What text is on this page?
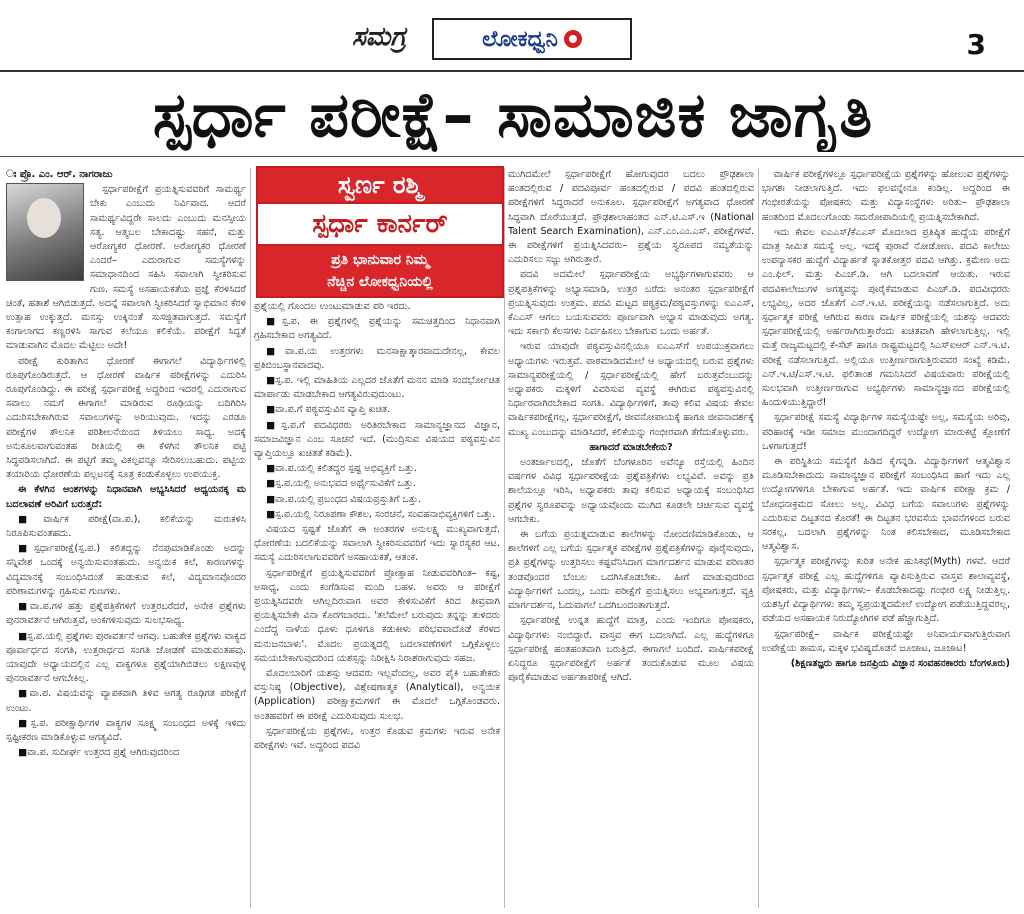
ಸಮಗ್ರ	ಲೋಕಧ್ವನಿ	3
ಸ್ಪರ್ಧಾ ಪರೀಕ್ಷೆ– ಸಾಮಾಜಿಕ ಜಾಗೃತಿ

ಃ ಪ್ರೊ. ಎಂ. ಆರ್. ನಾಗರಾಜು

ಸ್ಪರ್ಧಾಪರೀಕ್ಷೆಗೆ ಪ್ರಯತ್ನಿಸುವವರಿಗೆ ಸಾಮರ್ಥ್ಯ ಬೇಕು ಎಂಬುದು ನಿರ್ವಿವಾದ. ಆದರೆ ಸಾಮರ್ಥ್ಯವಿದ್ದರೇ ಸಾಲದು ಎಂಬುದು ಮನಸ್ಸೀಯ ಸತ್ಯ. ಆತ್ಮಬಲ ಬೇಕಾದಷ್ಟು ಸಹನೆ, ಮತ್ತು ಆರೋಗ್ಯಕರ ಧೋರಣೆ. ಅರೋಗ್ಯಕರ ಧೋರಣೆ ಎಂದರೆ– ಎದುರಾಗುವ ಸಮಸ್ಯೆಗಳನ್ನು ಸಮಾಧಾನದಿಂದ ಸಹಿಸಿ ಸವಾಲಾಗಿ ಸ್ವೀಕರಿಸುವ ಗುಣ. ಸಮಸ್ಯೆ ಅಸಹಾಯಕತೆಯ ಪ್ರಜ್ಞೆ ಕೆರಳಿಸಿದರೆ ಚಿಂತೆ, ಹತಾಶೆ ಆಗಿಬಿಡುತ್ತದೆ. ಅದನ್ನೆ ಸವಾಲಾಗಿ ಸ್ವೀಕರಿಸಿದರೆ ಸ್ವಾಭಿಮಾನ ಕೆರಳಿ ಉತ್ಸಾಹ ಉಕ್ಕುತ್ತದೆ. ಮನಸ್ಸು ಉಕ್ಕಿನಂತೆ ಸುಸಜ್ಜಿತವಾಗುತ್ತದೆ. ಸಮಸ್ಯೆಗೆ ಕಂಗಾಲಾಗದ ಕಣ್ಣರಳಿಸಿ ಸಾಗುವ ಕಲೆಯೂ ಕಲಿಕೆಯೆ. ಪರೀಕ್ಷೆಗೆ ಸಿದ್ಧತೆ ಮಾಡುವಾಗಿನ ಮೊದಲ ಮೆಟ್ಟಿಲು ಅದೇ!

ಪರೀಕ್ಷೆ ಕುರಿತಾಗಿನ ಧೋರಣೆ ಈಗಾಗಲೆ ವಿದ್ಯಾರ್ಥಿಗಳಲ್ಲಿ ರೂಪುಗೊಂಡಿರುತ್ತದೆ. ಆ ಧೋರಣೆ ವಾರ್ಷಿಕ ಪರೀಕ್ಷೆಗಳನ್ನು ಎದುರಿಸಿ ರೂಪುಗೊಂಡಿದ್ದು. ಈ ಪರೀಕ್ಷೆ ಸ್ಪರ್ಧಾಪರೀಕ್ಷೆ ಅದ್ದರಿಂದ ಇದರಲ್ಲಿ ಎದುರಾಗುವ ಸವಾಲು ನಮಗೆ ಈಗಾಗಲೆ ಮಾಡಿರುವ ರೂಢಿಯನ್ನು ಬದಿಗಿರಿಸಿ ಎದುರಿಸಬೇಕಾಗಿರುವ ಸವಾಲುಗಳನ್ನು ಅರಿಯುವುದು. ಇದನ್ನು ಎರಡೂ ಪರೀಕ್ಷೆಗಳ ತೌಲನಿಕ ಪರಿಶೀಲನೆಯಿಂದ ತಿಳಿಯಲು ಸಾಧ್ಯ. ಅದಕ್ಕೆ ಅನುಕೂಲವಾಗುವಂತಹ ರೀತಿಯಲ್ಲಿ ಈ ಕೆಳಗಿನ ತೌಲನಿಕ ಪಟ್ಟಿ ಸಿದ್ಧಪಡಿಸಲಾಗಿದೆ. ಈ ಪಟ್ಟಿಗೆ ತಮ್ಮ ವಿಕಲ್ಪವನ್ನೂ ಸೇರಿಸಲುಬಹುದು. ಪಟ್ಟಿಯ ತಯಾರಿಯ ಧೋರಣೆಯ ಪಲ್ಲಟನಕ್ಕೆ ಸೂತ್ರ ಕಂಡುಕೊಳ್ಳಲು ಉಪಯುಕ್ತ.

ಈ ಕೆಳಗಿನ ಅಂಶಗಳನ್ನು ನಿಧಾನವಾಗಿ ಅಭ್ಯಸಿಸಿದರೆ ಅಧ್ಯಯನಕ್ಕ ಮ ಬದಲಾವಣೆ ಅರಿವಿಗೆ ಬರುತ್ತದೆ:

■ವಾರ್ಷಿಕ ಪರೀಕ್ಷೆ(ವಾ.ಪ.), ಕಲಿಕೆಯನ್ನು ಮರುಕಳಿಸಿ ನಿರೂಪಿಸುವಂತಹದು.

■ಸ್ಪರ್ಧಾಪರೀಕ್ಷೆ(ಸ್ಪ.ಪ.) ಕಲಿತದ್ದನ್ನು ನೆನಪುಮಾಡಿಕೊಂಡು ಅದನ್ನು ಸನ್ನಿವೇಶ ಒಂದಕ್ಕೆ ಅನ್ವಯಿಸುವಂತಹುದು. ಅನ್ವಯಿಕ ಕಲೆ, ಕಾರಣಗಳನ್ನು ವಿದ್ಯಮಾನಕ್ಕೆ ಸಂಬಂಧಿಸಿದಂತೆ ಹುಡುಕುವ ಕಲೆ, ವಿದ್ಯಮಾನವೊಂದರ ಪರಿಣಾಮಗಳನ್ನು ಗ್ರಹಿಸುವ ಗುಣಗಳು.

■ವಾ.ಪ.ಗಳ ಹತ್ತು ಪ್ರಶ್ನೆಪತ್ರಿಕೆಗಳಿಗೆ ಉತ್ತರಬರೆದರೆ, ಅನೇಕ ಪ್ರಶ್ನೆಗಳು ಪುನರಾವರ್ತನೆ ಆಗಿರುತ್ತವೆ, ಅಂಕಗಳಿಸುವುದು ಸುಲಭಸಾಧ್ಯ.

■ಸ್ಪ.ಪ.ಯಲ್ಲಿ ಪ್ರಶ್ನೆಗಳು ಪುರಾವರ್ತನೆ ಆಗವು. ಬಹುತೇಕ ಪ್ರಶ್ನೆಗಳು ವಾಕ್ಯದ ಪೂರ್ವಾರ್ಧದ ಸಂಗತಿ, ಉತ್ತರಾರ್ಧದ ಸಂಗತಿ ಜೋಡಣೆ ಮಾಡುವಂತಹವು. ಯಾವುದೇ ಅಧ್ಯಾಯದಲ್ಲಿನ ಎಲ್ಲ ವಾಕ್ಯಗಳೂ ಪ್ರಶ್ನೆಯಾಗಿಬಿಡಲು ಲಕ್ಷಣವುಳ್ಳ ಪುನರಾವರ್ತನೆ ಆಗಬೇಕಿಲ್ಲ.

■ವಾ.ಪ. ವಿಷಯವನ್ನು ವ್ಯಾಪಕವಾಗಿ ತಿಳಿವ ಆಗತ್ಯ ರೂಢಿಗತ ಪರೀಕ್ಷೆಗೆ ಉಂಟು.

■ಸ್ಪ.ಪ. ಪರೀಕ್ಷಾರ್ಥಿಗಳ ವಾಕ್ಯಗಳ ಸೂಕ್ಷ್ಮ ಸಂಬಂಧದ ಅಳಕ್ಕೆ ಇಳಿದು ಸ್ಪಷ್ಟೀಕರಣ ಮಾಡಿಕೊಳ್ಳುವ ಆಗತ್ಯವಿದೆ.

■ವಾ.ಪ. ಸುದೀರ್ಘ ಉತ್ತರದ ಪ್ರಶ್ನೆ ಆಗಿರುವುದರಿಂದ

ಸ್ವರ್ಣ ರಶ್ಮಿ
ಸ್ಪರ್ಧಾ ಕಾರ್ನರ್
ಪ್ರತಿ ಭಾನುವಾರ ನಿಮ್ಮ
ನೆಚ್ಚಿನ ಲೋಕಧ್ವನಿಯಲ್ಲಿ

ಪ್ರಶ್ನೆಯಲ್ಲಿ ಗೊಂದಲ ಉಂಟುಮಾಡುವ ಪರಿ ಇರದು.

■ಸ್ಪ.ಪ. ಈ ಪ್ರಶ್ನೆಗಳಲ್ಲಿ ಪ್ರಶ್ನೆಯನ್ನು ಸಮಚಿತ್ತದಿಂದ ನಿಧಾನವಾಗಿ ಗ್ರಹಿಸಬೇಕಾದ ಅಗತ್ಯವಿದೆ.

■ವಾ.ಪ.ಯ ಉತ್ತರಗಳು ಮನಸಾಕ್ಷಾತ್ಕಾರವಾದುದೇನಲ್ಲ, ಕೇವಲ ಪ್ರತಿಬಿಂಬಸ್ಥಾನವಾದವು.

■ಸ್ಪ.ಪ. ಇಲ್ಲಿ ಮಾಹಿತಿಯ ಎಲ್ಲದರ ಜೊತೆಗೆ ಮನನ ಮಾಡಿ ಸಂದರ್ಭೋಚಿತ ಮಾರ್ಪಾಡು ಮಾಡಬೇಕಾದ ಆಗತ್ಯವಿರುವುದುಂಟು.

■ವಾ.ಪ.ಗೆ ಪಠ್ಯವಸ್ತುವಿನ ವ್ಯಾಪ್ತಿ ಖಚಿತ.

■ಸ್ಪ.ಪ.ಗೆ ಪದವಿಧರರು ಅರಿತಿರಬೇಕಾದ ಸಾಮಾನ್ಯಜ್ಞಾನದ ವಿಜ್ಞಾನ, ಸಮಾಜವಿಜ್ಞಾನ ಎಂಬ ಸೂಚನೆ ಇದೆ. (ಮುದ್ರಿಸುವ ವಿಷಯದ ಪಠ್ಯವಸ್ತುವಿನ ವ್ಯಾಪ್ತಿಯಲ್ಲೂ ಖಚಿತತೆ ಕಡಿಮೆ).

■ವಾ.ಪ.ಯಲ್ಲಿ ಕಲಿತದ್ದರ ಸ್ಪಷ್ಟ ಅಭಿವ್ಯಕ್ತಿಗೆ ಒತ್ತು.

■ಸ್ಪ.ಪ.ಯಲ್ಲಿ ಅನುಭವದ ಅರ್ಥೈಸುವಿಕೆಗೆ ಒತ್ತು.

■ವಾ.ಪ.ಯಲ್ಲಿ ಪ್ರಬಂಧದ ವಿಷಯಪ್ರಸ್ತುತಿಗೆ ಒತ್ತು.

■ಸ್ಪ.ಪ.ಯಲ್ಲಿ ನಿರೂಪಣಾ ಕೌಶಲ, ಸಂರಚನೆ, ಸಂವಹನಾಭಿವ್ಯಕ್ತಿಗಳಿಗೆ ಒತ್ತು.

ವಿಷಯದ ಸ್ಪಷ್ಟತೆ ಜೊತೆಗೆ ಈ ಅಂತರಗಳ ಅನುಲಕ್ಷ್ಯ ಮುಖ್ಯವಾಗುತ್ತದೆ. ಧೋರಣೆಯ ಬದಲಿಕೆಯನ್ನು ಸವಾಲಾಗಿ ಸ್ವೀಕರಿಸುವವರಿಗೆ ಇದು ಸ್ವಾರಸ್ಯಕರ ಆಟ. ಸಮಸ್ಯೆ ಎದುರಿಸಲಾಗುವವರಿಗೆ ಅಸಹಾಯಕತೆ, ಆತಂಕ.

ಸ್ಪರ್ಧಾಪರೀಕ್ಷೆಗೆ ಪ್ರಯತ್ನಿಸುವವರಿಗೆ ಪ್ರೋತ್ಸಾಹ ನೀಡುವವರಿಗಿಂತ– ಕಷ್ಟ, ಅಸಾಧ್ಯ, ಎಂದು ಕಂಗೆಡಿಸುವ ಮಂದಿ ಬಹಳ. ಅವರು ಆ ಪರೀಕ್ಷೆಗೆ ಪ್ರಯತ್ನಿಸಿದವರೇ ಆಗಿಲ್ಲದಿರುವಾಗ ಅವರ ಕೇಳಿಸುವಿಕೆಗೆ ಕಿರಿದ ತೀವ್ರವಾಗಿ ಪ್ರಯತ್ನಿಸಬೇಕೇ ವಿನಾ ಕೊರಗಬಾರದು. 'ತಲೆಮೇಲೆ ಬರುವುದು ತನ್ನನ್ನು ತುಳಿದರು ಎಂದೆದ್ದ ನಾಳೆಯ ಧೂಳು ಧೂಳಿಗೂ ಕಡುಕೀಳು ಪರಿಭವವಾದೊಡೆ ಕೆರಳದ ಮನುಜನಬಾಳು'. ಮೊದಲ ಪ್ರಯತ್ನದಲ್ಲಿ ಬದಲಾವಣೆಗಳಿಗೆ ಒಗ್ಗಿಕೊಳ್ಳಲು ಸಮಯಬೇಕಾಗುವುದರಿಂದ ಯಶಸ್ಸನ್ನು ನಿರೀಕ್ಷಿಸಿ ನಿರಾಶರಾಗುವುದು ಸಹಜ.

ಮೊದಲಬಾರಿಗೆ ಯಶಸ್ಸು ಆದವರು ಇಲ್ಲವೆಂದಲ್ಲ, ಅವರ ಪೈಕಿ ಬಹುತೇಕರು ವಸ್ತುನಿಷ್ಠ (Objective), ವಿಶ್ಲೇಷಣಾತ್ಮಕ (Analytical), ಅನ್ವಯಿಕ (Application) ಪರೀಕ್ಷಾಕ್ರಮಗಳಿಗೆ ಈ ಮೊದಲೆ ಒಗ್ಗಿಕೊಂಡವರು. ಅಂತಹವರಿಗೆ ಈ ಪರೀಕ್ಷೆ ಎದುರಿಸುವುದು ಸುಲಭ.

ಸ್ಪರ್ಧಾಪರೀಕ್ಷೆಯ ಪ್ರಶ್ನೆಗಳು, ಉತ್ತರ ಕೊಡುವ ಕ್ರಮಗಳು ಇರುವ ಅನೇಕ ಪರೀಕ್ಷೆಗಳು ಇವೆ. ಅದ್ದರಿಂದ ಪದವಿ

ಮುಗಿದಮೇಲೆ ಸ್ಪರ್ಧಾಪರೀಕ್ಷೆಗೆ ಹೋಗುವುದರ ಬದಲು ಪ್ರೌಢಶಾಲಾ ಹಂತದಲ್ಲಿರುವ / ಪದವಿಪೂರ್ವ ಹಂತದಲ್ಲಿರುವ / ಪದವಿ ಹಂತದಲ್ಲಿರುವ ಪರೀಕ್ಷೆಗಳಿಗೆ ಸಿದ್ಧರಾದರೆ ಅನುಕೂಲ. ಸ್ಪರ್ಧಾಪರೀಕ್ಷೆಗೆ ಅಗತ್ಯವಾದ ಧೋರಣೆ ಸಿದ್ಧವಾಗಿ ದೊರೆಯುತ್ತದೆ. ಪ್ರೌಢಶಾಲಾಹಂತದ ಎನ್.ಟಿ.ಎಸ್.ಇ (National Talent Search Examination), ಎನ್.ಎಂ.ಎಂ.ಎಸ್. ಪರೀಕ್ಷೆಗಳವೆ. ಈ ಪರೀಕ್ಷೆಗಳಿಗೆ ಪ್ರಯತ್ನಿಸಿದವರು– ಪ್ರಶ್ನೆಯ ಸ್ವರೂಪದ ನಮ್ಯತೆಯನ್ನು ಎದುರಿಸಲು ಸಜ್ಜು ಆಗಿರುತ್ತಾರೆ.

ಪದವಿ ಅದಮೇಲೆ ಸ್ಪರ್ಧಾಪರೀಕ್ಷೆಯ ಅಭ್ಯರ್ಥಿಗಳಾಗುವವರು ಆ ಪ್ರಶ್ನಪತ್ರಿಕೆಗಳನ್ನು ಅಭ್ಯಾಸಮಾಡಿ, ಉತ್ತರ ಬರೆದು ಅನಂತರ ಸ್ಪರ್ಧಾಪರೀಕ್ಷೆಗೆ ಪ್ರಯತ್ನಿಸುವುದು ಉತ್ತಮ. ಪದವಿ ಮಟ್ಟದ ಪಠ್ಯಕ್ರಮ/ಪಠ್ಯವಸ್ತುಗಳನ್ನು ಐಎಎಸ್, ಕೆಎಎಸ್ ಆಗಲು ಬಯಸುವವರು ಪೂರ್ಣವಾಗಿ ಅಭ್ಯಾಸ ಮಾಡುವುದು ಅಗತ್ಯ. ಇದು ಸರ್ಕಾರಿ ಕೆಲಸಗಳು ನಿರ್ವಹಿಸಲು ಬೇಕಾಗುವ ಒಂದು ಅರ್ಹತೆ.

ಇರುವ ಯಾವುದೇ ಪಠ್ಯವಸ್ತುವಿನಲ್ಲಿಯೂ ಐಎಎಸ್‌ಗೆ ಉಪಯುಕ್ತವಾಗಲು ಅಧ್ಯಾಯಗಳು ಇರುತ್ತವೆ. ಪಾಠಮಾಡಿದಮೇಲೆ ಆ ಅಧ್ಯಾಯದಲ್ಲಿ ಬರುವ ಪ್ರಶ್ನೆಗಳು ಸಾಮಾನ್ಯಪರೀಕ್ಷೆಯಲ್ಲಿ / ಸ್ಪರ್ಧಾಪರೀಕ್ಷೆಯಲ್ಲಿ ಹೇಗೆ ಬರುತ್ತವೆಂಬುದನ್ನು ಅಧ್ಯಾಪಕರು ಮಕ್ಕಳಿಗೆ ವಿವರಿಸುವ ವ್ಯವಸ್ಥೆ ಈಗಿರುವ ಪಠ್ಯವಸ್ತುವಿನಲ್ಲಿ ನಿರ್ಧಾರವಾಗಿರಬೇಕಾದ ಸಂಗತಿ. ವಿದ್ಯಾರ್ಥಿಗಳಿಗೆ, ತಾವು ಕಲಿವ ವಿಷಯ ಕೇವಲ ವಾರ್ಷಿಕಪರೀಕ್ಷೆಗಲ್ಲ, ಸ್ಪರ್ಧಾಪರೀಕ್ಷೆಗೆ, ಜೀವನೋಪಾಯಕ್ಕೆ ಹಾಗೂ ಜೀವನಾದರ್ಶಕ್ಕೆ ಮುಖ್ಯ ಎಂಬುದನ್ನು ಮಾಡಿಸಿದರೆ, ಕಲಿಕೆಯನ್ನು ಗಂಭೀರವಾಗಿ ತೆಗೆದುಕೊಳ್ಳುವರು.

ಹಾಗಾದರೆ ಮಾಡಬೇಕೇನು?

ಅಂತರ್ಜಾಲದಲ್ಲಿ, ಜೊತೆಗೆ ಬೆಂಗಳೂರಿನ ಅವೆನ್ಯೂ ರಸ್ತೆಯಲ್ಲಿ ಹಿಂದಿನ ವರ್ಷಗಳ ವಿವಿಧ ಸ್ಪರ್ಧಾಪರೀಕ್ಷೆಯ ಪ್ರಶ್ನೆಪತ್ರಿಕೆಗಳು ಲಭ್ಯವಿವೆ. ಅವನ್ನು ಪ್ರತಿ ಶಾಲೆಯಲ್ಲೂ ಇರಿಸಿ, ಅಧ್ಯಾಪಕರು ತಾವು ಕಲಿಸುವ ಅಧ್ಯಾಯಕ್ಕೆ ಸಂಬಂಧಿಸಿದ ಪ್ರಶ್ನೆಗಳ ಸ್ವರೂಪವನ್ನು ಅಧ್ಯಾಯವೊಂದು ಮುಗಿದ ಕೂಡಲೇ ಚರ್ಚಿಸುವ ವ್ಯವಸ್ಥೆ ಆಗಬೇಕು.

ಈ ಬಗೆಯ ಪ್ರಯತ್ನಮಾಡುವ ಶಾಲೆಗಳನ್ನು ನೋಂದಣಿಮಾಡಿಕೊಂಡು, ಆ ಶಾಲೆಗಳಿಗೆ ಎಲ್ಲ ಬಗೆಯ ಸ್ಪರ್ಧಾತ್ಮಕ ಪರೀಕ್ಷೆಗಳ ಪ್ರಶ್ನೆಪತ್ರಿಕೆಗಳನ್ನು ಪೂರೈಸುವುದು, ಪ್ರತಿ ಪ್ರಶ್ನೆಗಳನ್ನು ಉತ್ತರಿಸಲು ಕಷ್ಟವೆನಿಸಿದಾಗ ಮಾರ್ಗದರ್ಶನ ಮಾಡುವ ಪರಿಣತರ ತಂಡವೊಂದರ ಬೆಂಬಲ ಒದಗಿಸಿಕೊಡಬೇಕು. ಹೀಗೆ ಮಾಡುವುದರಿಂದ ವಿದ್ಯಾರ್ಥಿಗಳಿಗೆ ಒಂದಲ್ಲ, ಒಂದು ಪರೀಕ್ಷೆಗೆ ಪ್ರಯತ್ನಿಸಲು ಅಭ್ಯವಾಗುತ್ತದೆ. ವ್ಯಕ್ತಿ ಮಾರ್ಗದರ್ಶನ, ಓದುವಾಗಲೆ ಒದಗಿಬಂದಂತಾಗುತ್ತದೆ.

ಸ್ಪರ್ಧಾಪರೀಕ್ಷೆ ಉನ್ನತ ಹುದ್ದೆಗೆ ಮಾತ್ರ, ಎಂದು ಇಂದಿಗೂ ಪೋಷಕರು, ವಿದ್ಯಾರ್ಥಿಗಳು ನಂಬಿದ್ದಾರೆ. ವಾಸ್ತವ ಈಗ ಬದಲಾಗಿದೆ. ಎಲ್ಲ ಹುದ್ದೆಗಳಿಗೂ ಸ್ಪರ್ಧಾಪರೀಕ್ಷೆ ಹಂತಹಂತವಾಗಿ ಬರುತ್ತಿದೆ. ಈಗಾಗಲೆ ಬಂದಿದೆ. ವಾರ್ಷಿಕಪರೀಕ್ಷೆ ಏನಿದ್ದರೂ ಸ್ಪರ್ಧಾಪರೀಕ್ಷೆಗೆ ಅರ್ಹತೆ ತಂದುಕೊಡುವ ಮೂಲ ವಿಷಯ ಪೂರೈಕೆಮಾಡುವ ಅರ್ಹತಾಪರೀಕ್ಷೆ ಆಗಿದೆ.

ವಾರ್ಷಿಕ ಪರೀಕ್ಷೆಗಳಲ್ಲೂ ಸ್ಪರ್ಧಾಪರೀಕ್ಷೆಯ ಪ್ರಶ್ನೆಗಳನ್ನು ಹೋಲುವ ಪ್ರಶ್ನೆಗಳನ್ನು ಭಾಗಶಃ ನೀಡಲಾಗುತ್ತಿದೆ. ಇದು ಫಲವನ್ನೇನೂ ಕಂಡಿಲ್ಲ. ಅದ್ದರಿಂದ ಈ ಗಂಭೀರತೆಯನ್ನು ಪೋಷಕರು ಮತ್ತು ವಿದ್ಯಾಸಂಸ್ಥೆಗಳು ಅರಿತು– ಪ್ರೌಢಶಾಲಾ ಹಂತದಿಂದ ಮೊದಲುಗೊಂಡು ಸಮರೋಪಾದಿಯಲ್ಲಿ ಪ್ರಯತ್ನಿಸಬೇಕಾಗಿದೆ.

ಇದು ಕೇವಲ ಐಎಎಸ್/ಕೆಎಎಸ್ ಮೊದಲಾದ ಪ್ರತಿಷ್ಠಿತ ಹುದ್ದೆಯ ಪರೀಕ್ಷೆಗೆ ಮಾತ್ರ ಸೀಮಿತ ಸಮಸ್ಯೆ ಅಲ್ಲ. ಇದಕ್ಕೆ ಪುರಾವೆ ನೋಡೋಣ. ಪದವಿ ಕಾಲೇಜು ಉಪನ್ಯಾಸಕರ ಹುದ್ದೆಗೆ ವಿದ್ಯಾರ್ಹತೆ ಸ್ನಾತಕೋತ್ತರ ಪದವಿ ಆಗಿತ್ತು. ಕ್ರಮೇಣ ಅದು ಎಂ.ಫಿಲ್. ಮತ್ತು ಪಿಎಚ್.ಡಿ. ಆಗಿ ಬದಲಾವಣೆ ಆಯಿತು. ಇರುವ ಪದವಿಕಾಲೇಜುಗಳ ಅಗತ್ಯವನ್ನು ಪೂರೈಕೆಮಾಡುವ ಪಿಎಚ್.ಡಿ. ಪದವೀಧರರು ಲಭ್ಯವಿಲ್ಲ, ಅದರ ಜೊತೆಗೆ ಎನ್.ಇ.ಟಿ. ಪರೀಕ್ಷೆಯನ್ನು ನಡೆಸಲಾಗುತ್ತಿದೆ. ಅದು ಸ್ಪರ್ಧಾತ್ಮಕ ಪರೀಕ್ಷೆ ಆಗಿರುವ ಕಾರಣ ವಾರ್ಷಿಕ ಪರೀಕ್ಷೆಯಲ್ಲಿ ಯಶಸ್ಸು ಆದವರು ಸ್ಪರ್ಧಾಪರೀಕ್ಷೆಯಲ್ಲಿ ಅರ್ಹರಾಗಿರುತ್ತಾರೆಂದು ಖಚಿತವಾಗಿ ಹೇಳಲಾಗುತ್ತಿಲ್ಲ. ಇಲ್ಲಿ ಮತ್ತೆ ರಾಜ್ಯಮಟ್ಟದಲ್ಲಿ ಕೆ-ಸೆಟ್ ಹಾಗೂ ರಾಷ್ಟ್ರಮಟ್ಟದಲ್ಲಿ ಸಿಎಸ್‌ಐಆರ್ ಎನ್.ಇ.ಟಿ. ಪರೀಕ್ಷೆ ನಡೆಸಲಾಗುತ್ತಿದೆ. ಅಲ್ಲಿಯೂ ಉತ್ತೀರ್ಣರಾಗುತ್ತಿರುವವರ ಸಂಖ್ಯೆ ಕಡಿಮೆ. ಎನ್.ಇ.ಟಿ/ಎಸ್.ಇ.ಟಿ. ಫಲಿತಾಂಶ ಗಮನಿಸಿದರೆ ವಿಷಯವಾರು ಪರೀಕ್ಷೆಯಲ್ಲಿ ಸುಲಭವಾಗಿ ಉತ್ತೀರ್ಣರಾಗುವ ಅಭ್ಯರ್ಥಿಗಳು ಸಾಮಾನ್ಯಜ್ಞಾನದ ಪರೀಕ್ಷೆಯಲ್ಲಿ ಹಿಂದುಳಿಯುತ್ತಿದ್ದಾರೆ!

ಸ್ಪರ್ಧಾಪರೀಕ್ಷೆ ಸಮಸ್ಯೆ ವಿದ್ಯಾರ್ಥಿಗಳ ಸಮಸ್ಯೆಯಷ್ಟೇ ಅಲ್ಲ, ಸಮಸ್ಯೆಯ ಅರಿವು, ಪರಿಹಾರಕ್ಕೆ ಇಡೀ ಸಮಾಜ ಮುಂದಾಗದಿದ್ದರೆ ಉದ್ಯೋಗ ಮಾರುಕಟ್ಟೆ ಕ್ಲೋಣೆಗೆ ಒಳಗಾಗುತ್ತದೆ!

ಈ ಪರಿಸ್ಥಿತಿಯ ಸಮಸ್ಯೆಗೆ ಹಿಡಿದ ಕೈಗನ್ನಡಿ. ವಿದ್ಯಾರ್ಥಿಗಳಿಗೆ ಆತ್ಮವಿಶ್ವಾಸ ಮೂಡಿಸಬೇಕಾದುದು ಸಾಮಾನ್ಯಜ್ಞಾನ ಪರೀಕ್ಷೆಗೆ ಸಂಬಂಧಿಸಿದ ಹಾಗೆ ಇದು ಎಲ್ಲ ಉದ್ಯೋಗಗಳಿಗೂ ಬೇಕಾಗುವ ಅರ್ಹತೆ. ಇದು ವಾರ್ಷಿಕ ಪರೀಕ್ಷಾ ಕ್ರಮ / ಬೋಧನಾಕ್ರಮದ ಸೋಲು ಅಲ್ಲ. ವಿವಿಧ ಬಗೆಯ ಸವಾಲುಗಳು ಪ್ರಶ್ನೆಗಳನ್ನು ಎದುರಿಸುವ ದಿಟ್ಟತನದ ಕೊರತೆ! ಈ ದಿಟ್ಟತನ ಭರವಸೆಯ ಭಾವನೆಗಳಂದ ಬರುವ ಸರಕಲ್ಲ, ಬದಲಾಗಿ ಪ್ರಶ್ನೆಗಳನ್ನು ನಿಂತ ಕಲಿಸಬೇಕಾದ, ಮೂಡಿಸಬೇಕಾದ ಆತ್ಮವಿಶ್ವಾಸ.

ಸ್ಪರ್ಧಾತ್ಮಕ ಪರೀಕ್ಷೆಗಳನ್ನು ಕುರಿತ ಅನೇಕ ಹುಸಿಕಥೆ(Myth) ಗಳವೆ. ಆದರೆ ಸ್ಪರ್ಧಾತ್ಮಕ ಪರೀಕ್ಷೆ ಎಲ್ಲ ಹುದ್ದೆಗಳಿಗೂ ವ್ಯಾಪಿಸುತ್ತಿರುವ ವಾಸ್ತವ ಶಾಲಾವ್ಯವಸ್ಥೆ, ಪೋಷಕರು, ಮತ್ತು ವಿದ್ಯಾರ್ಥಿಗಳು– ಕೊಡಬೇಕಾದಷ್ಟು ಗಂಭೀರ ಲಕ್ಷ್ಯ ನೀಡುತ್ತಿಲ್ಲ. ಯಶಸ್ಸಿಗೆ ವಿದ್ಯಾರ್ಥಿಗಳು ತಮ್ಮ ಸ್ವಪ್ರಯತ್ನದಮೇಲೆ ಉದ್ಯೋಗ ಪಡೆಯುತ್ತಿದ್ದವರಲ್ಲ, ಪಡೆಯದ ಅಸಹಾಯಕ ನಿರುದ್ಯೋಗಿಗಳ ಪಡೆ ಹೆಚ್ಚಾಗುತ್ತಿದೆ.

ಸ್ಪರ್ಧಾಪರೀಕ್ಷೆ– ವಾರ್ಷಿಕ ಪರೀಕ್ಷೆಯಷ್ಟೇ ಅನಿವಾರ್ಯವಾಗುತ್ತಿರುವಾಗ ಉಪೇಕ್ಷೆಯ ತಾಮಸ, ಮಕ್ಕಳ ಭವಿಷ್ಯದೊಡನೆ ಜೂಜಾಟ, ಜೂಜಾಟ!

(ಶಿಕ್ಷಣತಜ್ಞರು ಹಾಗೂ ಜನಪ್ರಿಯ ವಿಜ್ಞಾನ ಸಂವಹನಕಾರರು ಬೆಂಗಳೂರು)
